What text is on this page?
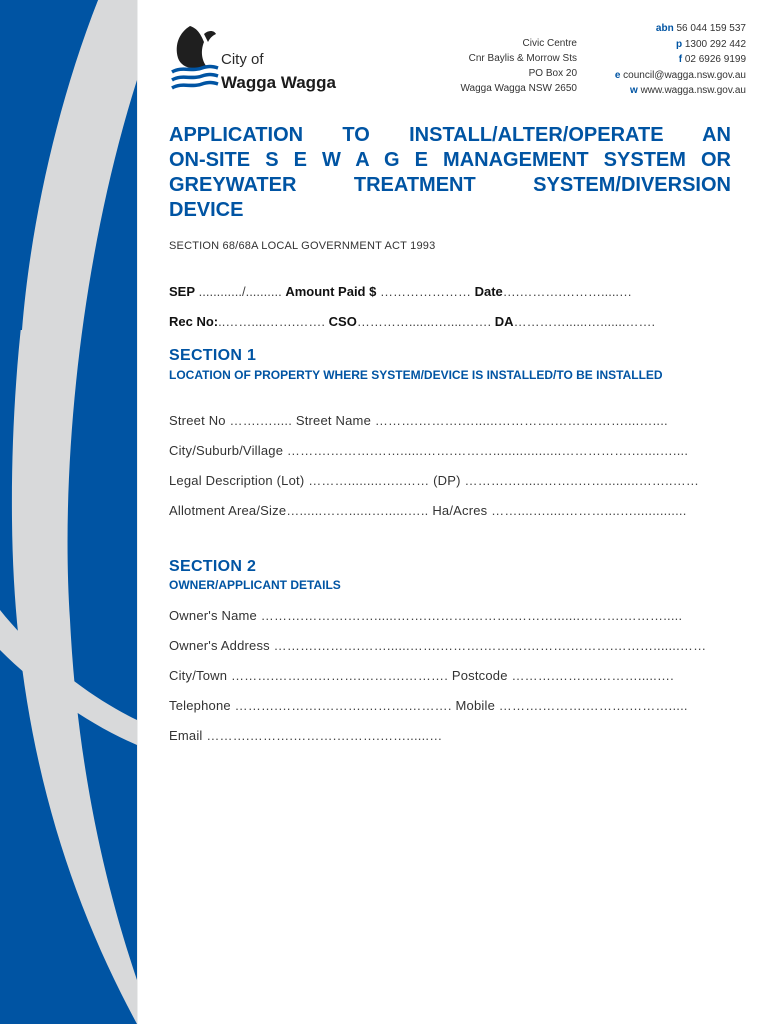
City of
Wagga Wagga
Civic Centre
Cnr Baylis & Morrow Sts
PO Box 20
Wagga Wagga NSW 2650
abn 56 044 159 537
p 1300 292 442
f 02 6926 9199
e council@wagga.nsw.gov.au
w www.wagga.nsw.gov.au
APPLICATION TO INSTALL/ALTER/OPERATE AN
ON-SITE S E W A G E MANAGEMENT SYSTEM OR
GREYWATER TREATMENT SYSTEM/DIVERSION
DEVICE
SECTION 68/68A LOCAL GOVERNMENT ACT 1993
SEP ............/.......... Amount Paid $ ………………… Date….……….……….....…
Rec No:..……....…….……. CSO………….......…....……. DA…………......….......…….
SECTION 1
LOCATION OF PROPERTY WHERE SYSTEM/DEVICE IS INSTALLED/TO BE INSTALLED
Street No …….…..... Street Name ……….……….…......………….……….……....…....
City/Suburb/Village ……….……….……......…….………..................…………….…....…....
Legal Description (Lot) ……….........…..…… (DP) ……….…......……..…….........……..……
Allotment Area/Size…......……......…......….. Ha/Acres ……....….....………....…..............
SECTION 2
OWNER/APPLICANT DETAILS
Owner's Name ……….……….……......…….……….……….……….......……….……….....
Owner's Address ……….……….……......…….……….……….……….……….……….......……
City/Town ……….……….……….……….………. Postcode ……….……….……….....….
Telephone ……….……….……….……….………. Mobile ……….……….……….……….....
Email ……….……….……….……….……......…
